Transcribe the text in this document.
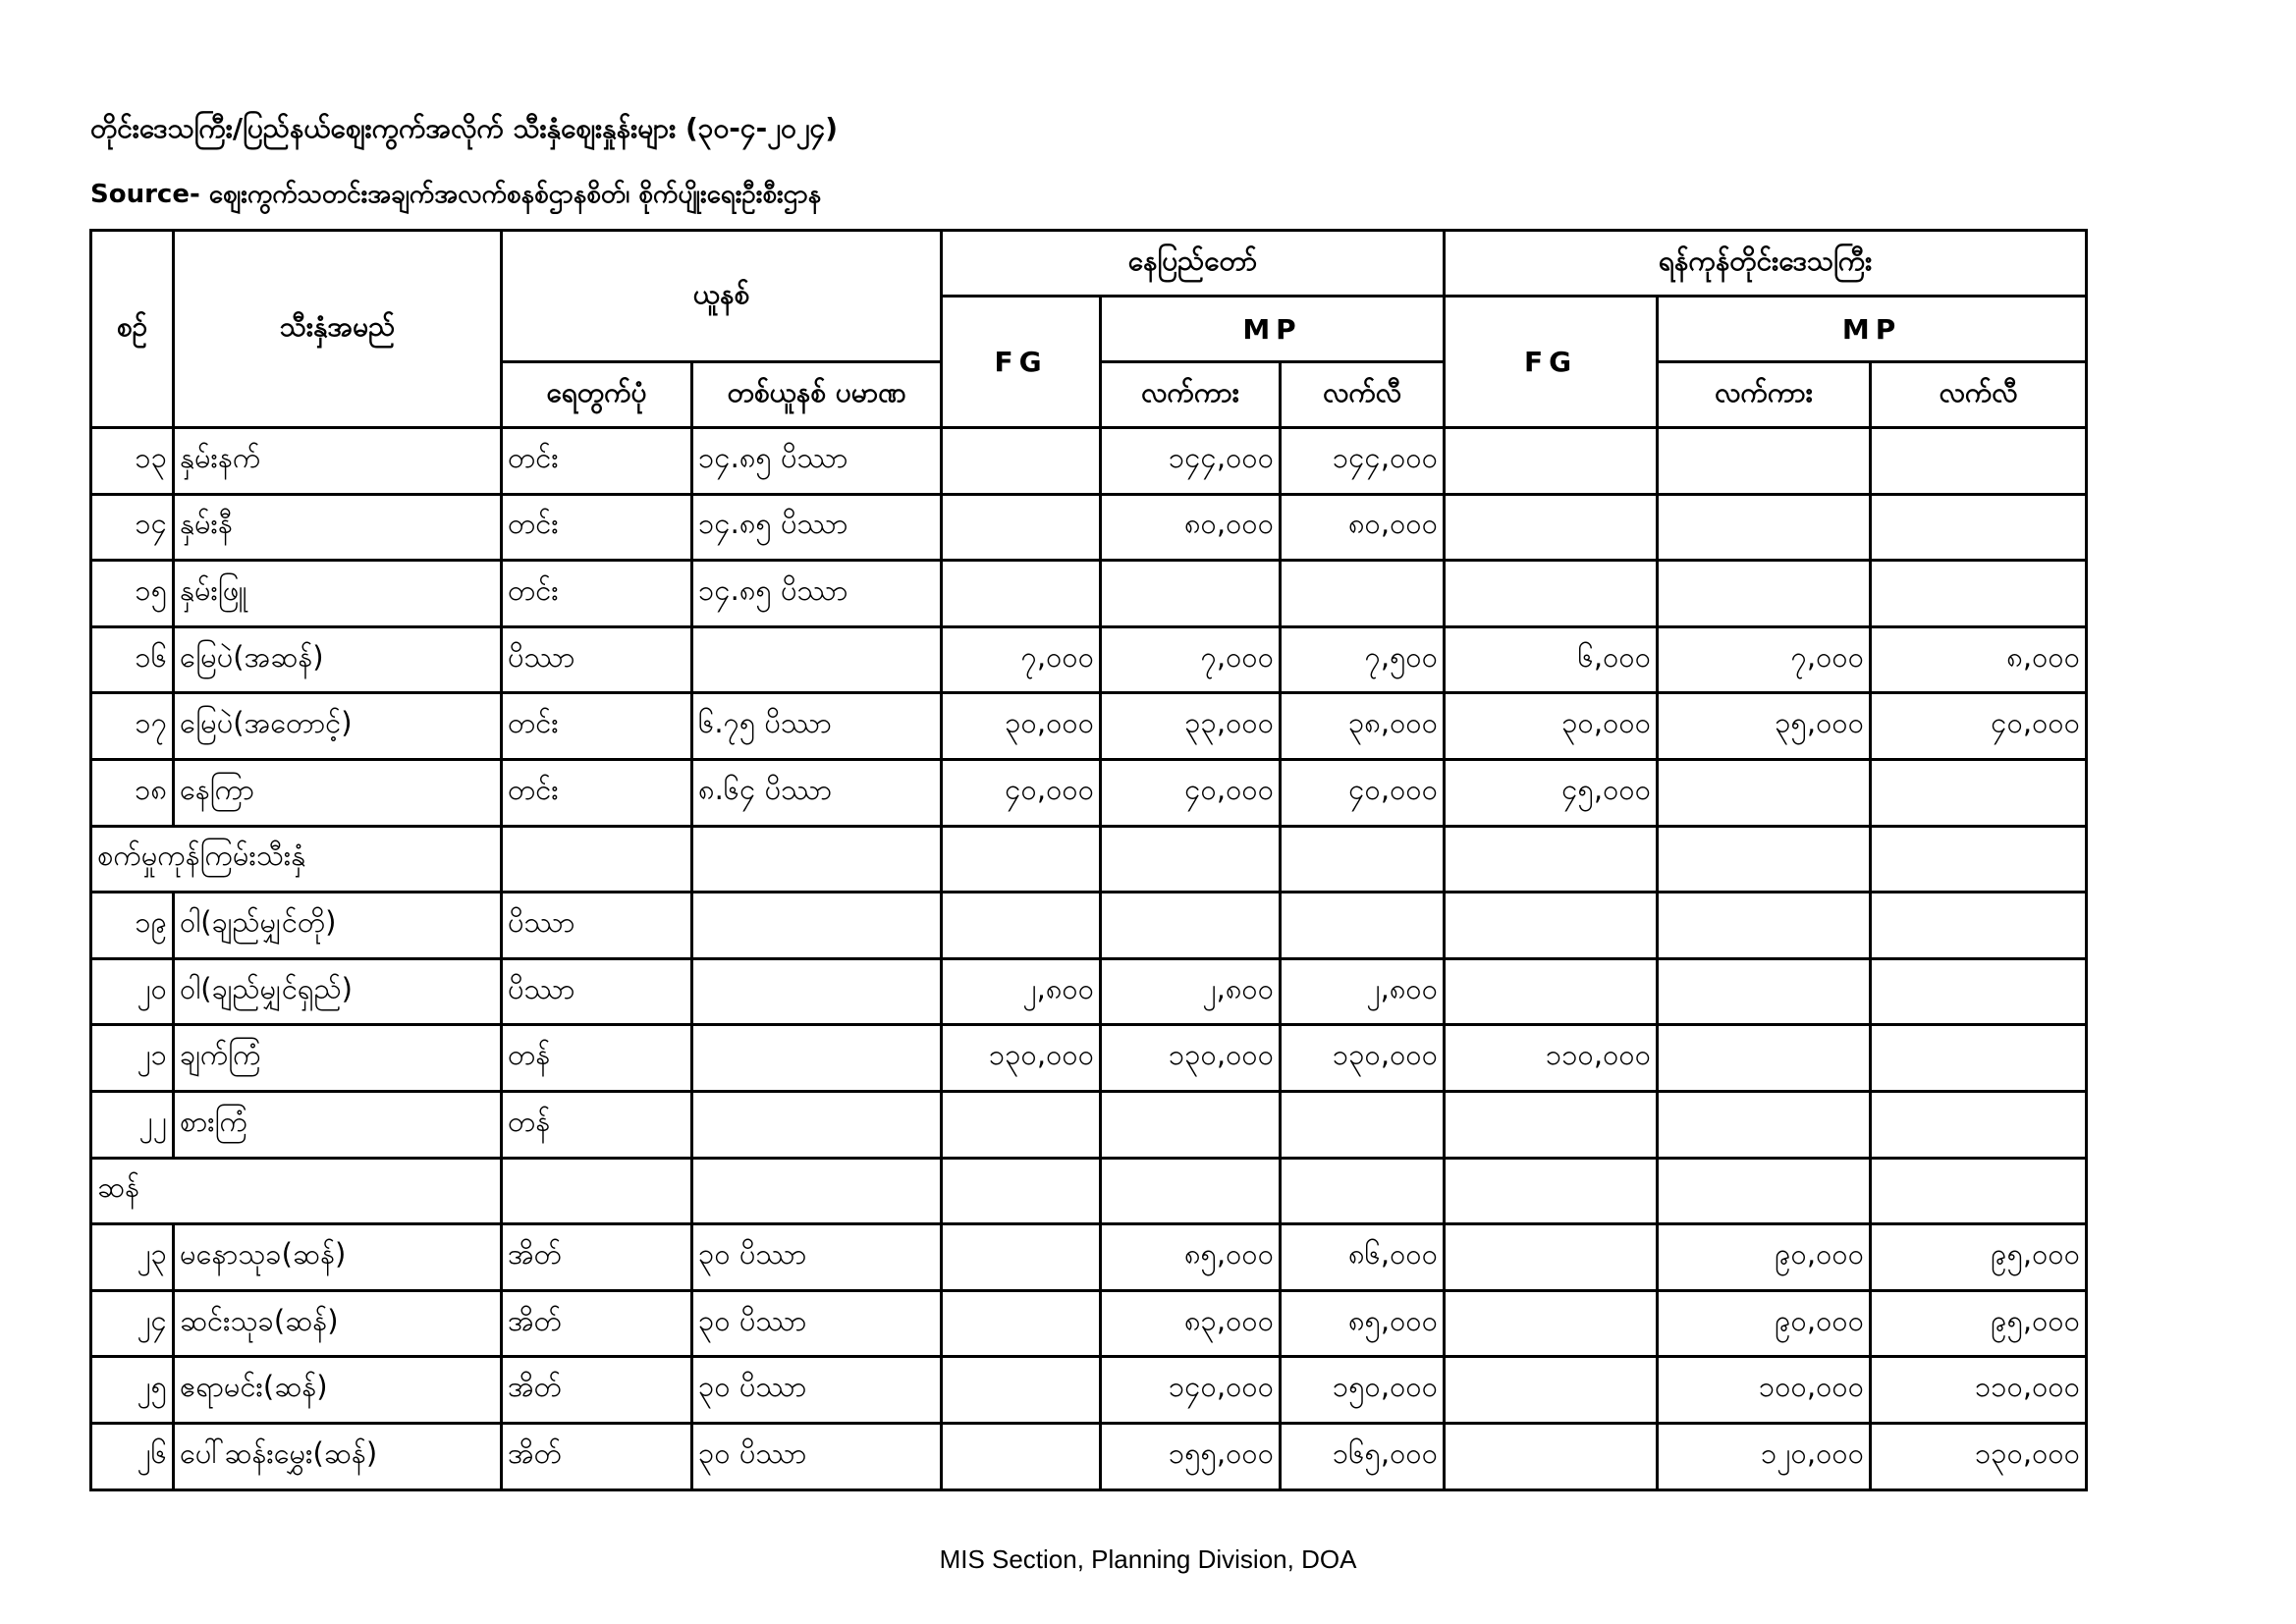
တိုင်းဒေသကြီး/ပြည်နယ်ဈေးကွက်အလိုက် သီးနှံဈေးနှုန်းများ (၃၀-၄-၂၀၂၄)
Source- ဈေးကွက်သတင်းအချက်အလက်စနစ်ဌာနစိတ်၊ စိုက်ပျိုးရေးဦးစီးဌာန
စဉ်	သီးနှံအမည်	ယူနစ်		နေပြည်တော်			ရန်ကုန်တိုင်းဒေသကြီး		
				FG	MP		FG	MP	
		ရေတွက်ပုံ	တစ်ယူနစ် ပမာဏ		လက်ကား	လက်လီ		လက်ကား	လက်လီ
၁၃	နှမ်းနက်	တင်း	၁၄.၈၅ ပိဿာ		၁၄၄,၀၀၀	၁၄၄,၀၀၀			
၁၄	နှမ်းနီ	တင်း	၁၄.၈၅ ပိဿာ		၈၀,၀၀၀	၈၀,၀၀၀			
၁၅	နှမ်းဖြူ	တင်း	၁၄.၈၅ ပိဿာ						
၁၆	မြေပဲ(အဆန်)	ပိဿာ		၇,၀၀၀	၇,၀၀၀	၇,၅၀၀	၆,၀၀၀	၇,၀၀၀	၈,၀၀၀
၁၇	မြေပဲ(အတောင့်)	တင်း	၆.၇၅ ပိဿာ	၃၀,၀၀၀	၃၃,၀၀၀	၃၈,၀၀၀	၃၀,၀၀၀	၃၅,၀၀၀	၄၀,၀၀၀
၁၈	နေကြာ	တင်း	၈.၆၄ ပိဿာ	၄၀,၀၀၀	၄၀,၀၀၀	၄၀,၀၀၀	၄၅,၀၀၀		
စက်မှုကုန်ကြမ်းသီးနှံ									
၁၉	ဝါ(ချည်မျှင်တို)	ပိဿာ							
၂၀	ဝါ(ချည်မျှင်ရှည်)	ပိဿာ		၂,၈၀၀	၂,၈၀၀	၂,၈၀၀			
၂၁	ချက်ကြံ	တန်		၁၃၀,၀၀၀	၁၃၀,၀၀၀	၁၃၀,၀၀၀	၁၁၀,၀၀၀		
၂၂	စားကြံ	တန်							
ဆန်									
၂၃	မနောသုခ(ဆန်)	အိတ်	၃၀ ပိဿာ		၈၅,၀၀၀	၈၆,၀၀၀		၉၀,၀၀၀	၉၅,၀၀၀
၂၄	ဆင်းသုခ(ဆန်)	အိတ်	၃၀ ပိဿာ		၈၃,၀၀၀	၈၅,၀၀၀		၉၀,၀၀၀	၉၅,၀၀၀
၂၅	ဧရာမင်း(ဆန်)	အိတ်	၃၀ ပိဿာ		၁၄၀,၀၀၀	၁၅၀,၀၀၀		၁၀၀,၀၀၀	၁၁၀,၀၀၀
၂၆	ပေါ်ဆန်းမွှေး(ဆန်)	အိတ်	၃၀ ပိဿာ		၁၅၅,၀၀၀	၁၆၅,၀၀၀		၁၂၀,၀၀၀	၁၃၀,၀၀၀
MIS Section, Planning Division, DOA
